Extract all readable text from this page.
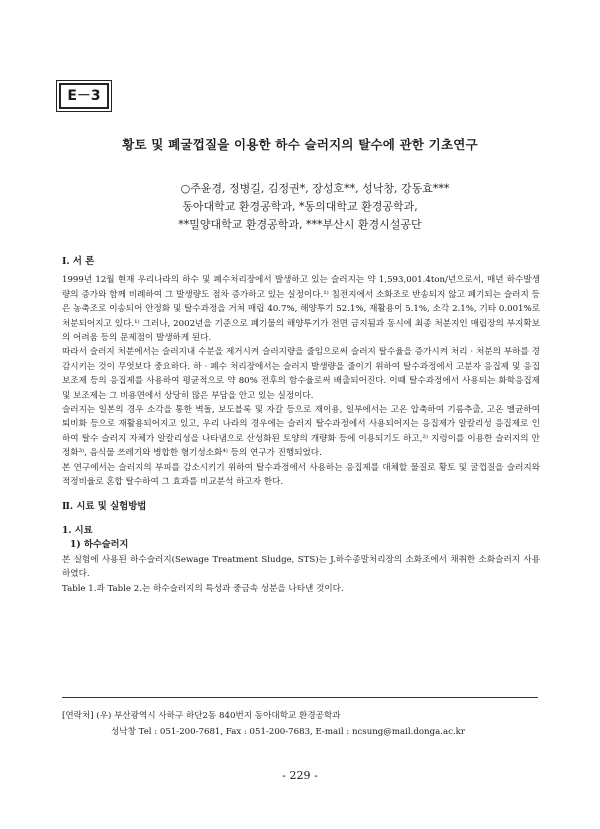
E－3
황토 및 폐굴껍질을 이용한 하수 슬러지의 탈수에 관한 기초연구
○주윤경, 정병길, 김정권*, 장성호**, 성낙창, 강동효***
동아대학교 환경공학과, *동의대학교 환경공학과,
**밀양대학교 환경공학과, ***부산시 환경시설공단
Ⅰ. 서 론

1999년 12월 현재 우리나라의 하수 및 폐수처리장에서 발생하고 있는 슬러지는 약 1,593,001.4ton/년으로서, 매년 하수발생량의 증가와 함께 비례하여 그 발생량도 점차 증가하고 있는 실정이다.¹⁾ 침전지에서 소화조로 반송되지 않고 폐기되는 슬러지 등은 농축조로 이송되어 안정화 및 탈수과정을 거쳐 매립 40.7%, 해양투기 52.1%, 재활용이 5.1%, 소각 2.1%, 기타 0.001%로 처분되어지고 있다.¹⁾ 그러나, 2002년을 기준으로 폐기물의 해양투기가 전면 금지됨과 동시에 최종 처분지인 매립장의 부지확보의 어려움 등의 문제점이 발생하게 된다.

따라서 슬러지 처분에서는 슬러지내 수분을 제거시켜 슬러지량을 줄임으로써 슬러지 탈수율을 증가시켜 처리 · 처분의 부하를 경감시키는 것이 무엇보다 중요하다. 하 · 폐수 처리장에서는 슬러지 발생량을 줄이기 위하여 탈수과정에서 고분자 응집제 및 응집보조제 등의 응집제를 사용하여 평균적으로 약 80% 전후의 함수율로써 배출되어진다. 이때 탈수과정에서 사용되는 화학응집제 및 보조제는 그 비용면에서 상당히 많은 부담을 안고 있는 실정이다.

슬러지는 일본의 경우 소각을 통한 벽돌, 보도블록 및 자갈 등으로 재이용, 일부에서는 고온 압축하여 기름추출, 고온 멜균하여 퇴비화 등으로 재활용되어지고 있고, 우리 나라의 경우에는 슬러지 탈수과정에서 사용되어지는 응집제가 알칼리성 응집제로 인하여 탈수 슬러지 자체가 알칼리성을 나타냄으로 산성화된 토양의 개량화 등에 이용되기도 하고,²⁾ 지렁이를 이용한 슬러지의 안정화³⁾, 음식물 쓰레기와 병합한 혐기성소화⁴⁾ 등의 연구가 진행되었다.

본 연구에서는 슬러지의 부피를 감소시키기 위하여 탈수과정에서 사용하는 응집제를 대체할 물질로 황토 및 굴껍질을 슬러지와 적정비율로 혼합 탈수하여 그 효과를 비교분석 하고자 한다.

Ⅱ. 시료 및 실험방법
1. 시료
1) 하수슬러지

본 실험에 사용된 하수슬러지(Sewage Treatment Sludge, STS)는 J.하수종말처리장의 소화조에서 채취한 소화슬러지 사용하였다.

Table 1.과 Table 2.는 하수슬러지의 특성과 중금속 성분을 나타낸 것이다.

[연락처] (우) 부산광역시 사하구 하단2동 840번지 동아대학교 환경공학과
성낙창 Tel : 051-200-7681, Fax : 051-200-7683, E-mail : ncsung@mail.donga.ac.kr
- 229 -
